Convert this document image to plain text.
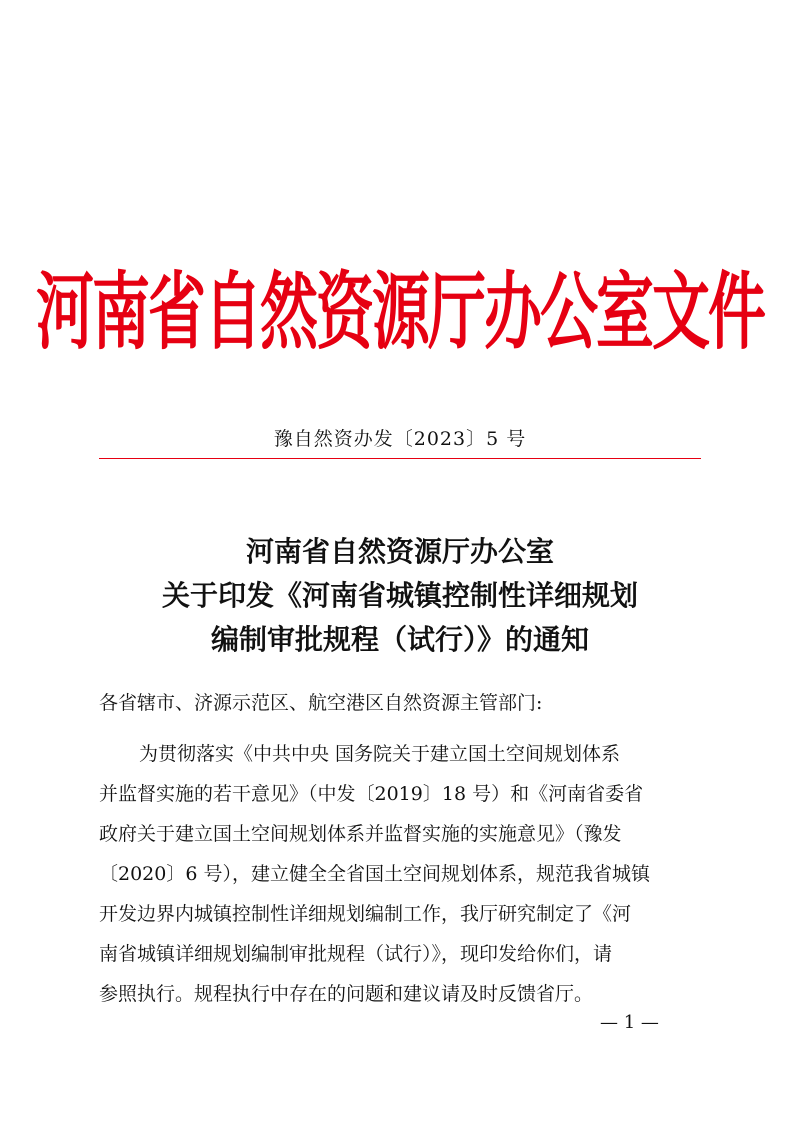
河南省自然资源厅办公室文件
豫自然资办发〔2023〕5 号
河南省自然资源厅办公室
关于印发《河南省城镇控制性详细规划
编制审批规程（试行）》的通知
各省辖市、济源示范区、航空港区自然资源主管部门:
为贯彻落实《中共中央 国务院关于建立国土空间规划体系
并监督实施的若干意见》（中发〔2019〕18 号）和《河南省委省
政府关于建立国土空间规划体系并监督实施的实施意见》（豫发
〔2020〕6 号），建立健全全省国土空间规划体系，规范我省城镇
开发边界内城镇控制性详细规划编制工作，我厅研究制定了《河
南省城镇详细规划编制审批规程（试行）》，现印发给你们，请
参照执行。规程执行中存在的问题和建议请及时反馈省厅。
— 1 —
